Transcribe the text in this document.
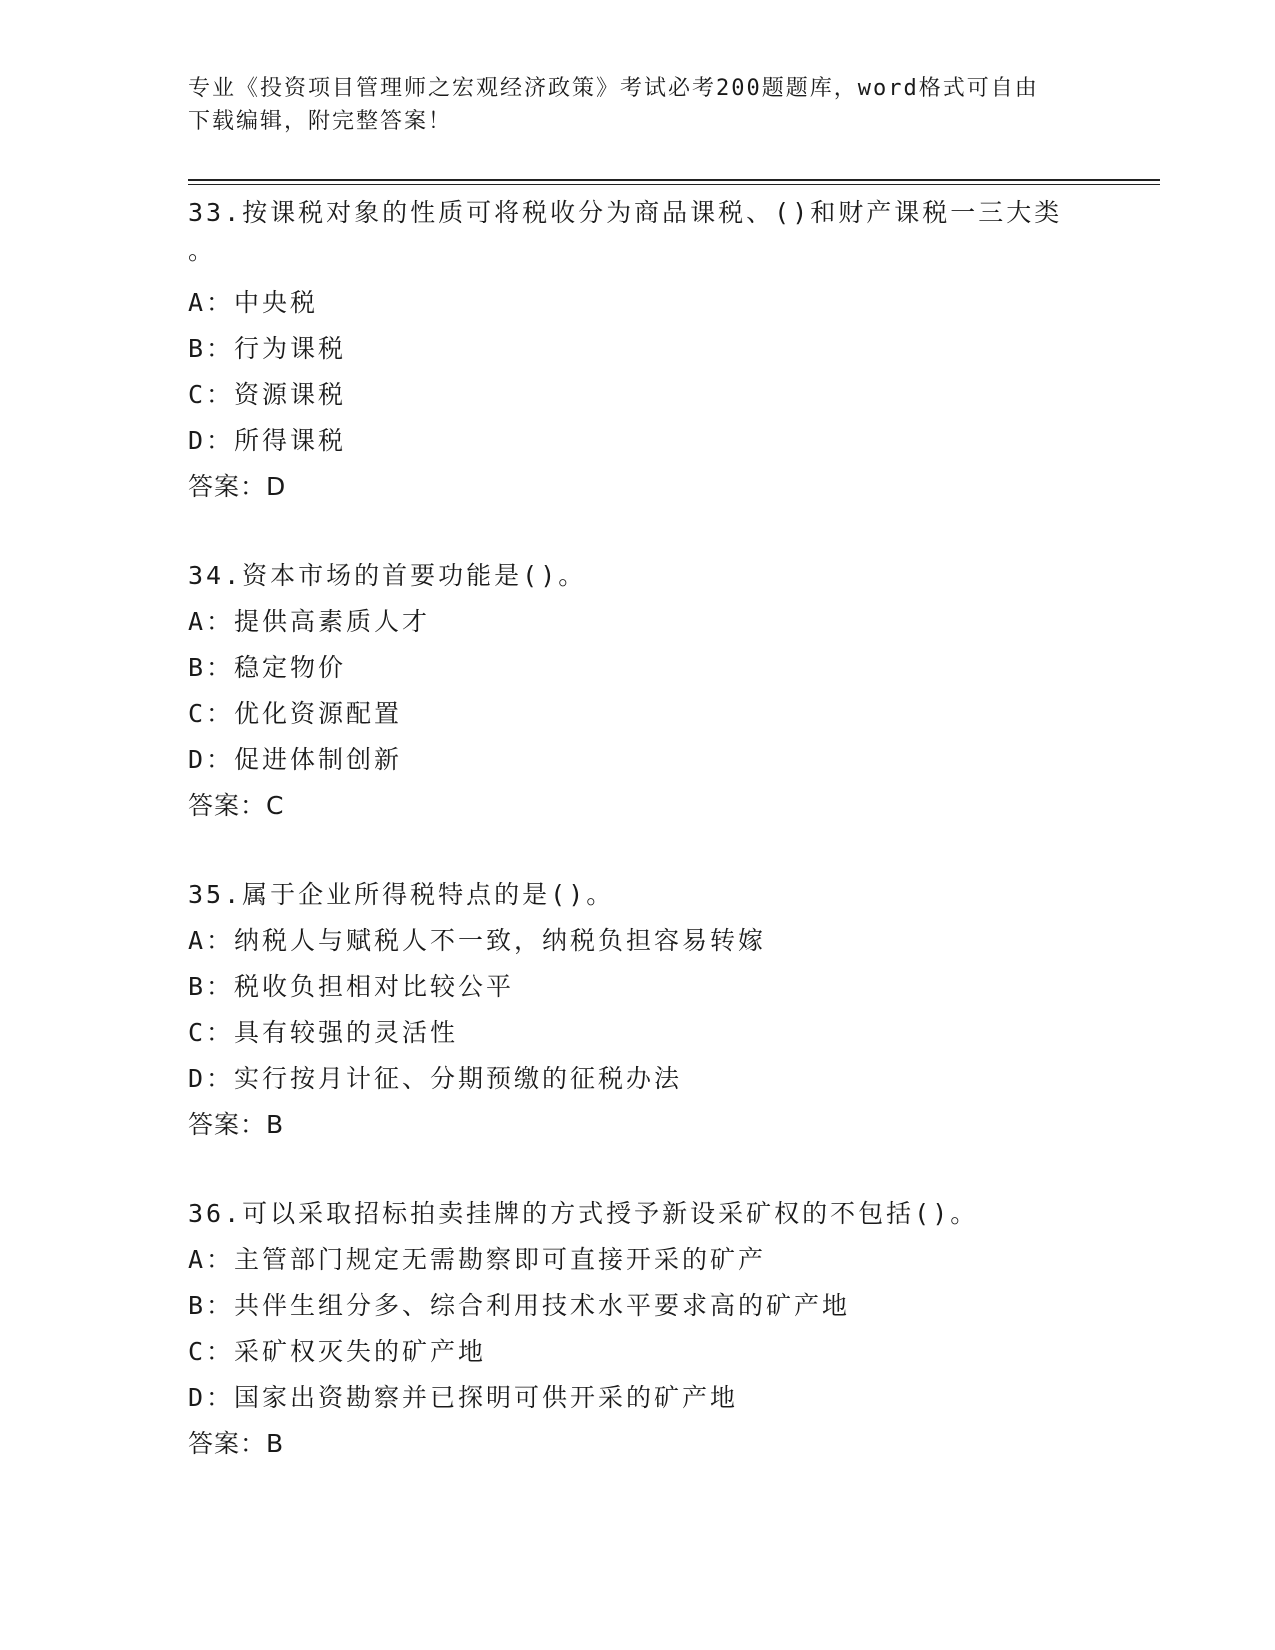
专业《投资项目管理师之宏观经济政策》考试必考200题题库，word格式可自由
下载编辑，附完整答案！
33.按课税对象的性质可将税收分为商品课税、()和财产课税一三大类
。
A：中央税
B：行为课税
C：资源课税
D：所得课税
答案：D
34.资本市场的首要功能是()。
A：提供高素质人才
B：稳定物价
C：优化资源配置
D：促进体制创新
答案：C
35.属于企业所得税特点的是()。
A：纳税人与赋税人不一致，纳税负担容易转嫁
B：税收负担相对比较公平
C：具有较强的灵活性
D：实行按月计征、分期预缴的征税办法
答案：B
36.可以采取招标拍卖挂牌的方式授予新设采矿权的不包括()。
A：主管部门规定无需勘察即可直接开采的矿产
B：共伴生组分多、综合利用技术水平要求高的矿产地
C：采矿权灭失的矿产地
D：国家出资勘察并已探明可供开采的矿产地
答案：B
